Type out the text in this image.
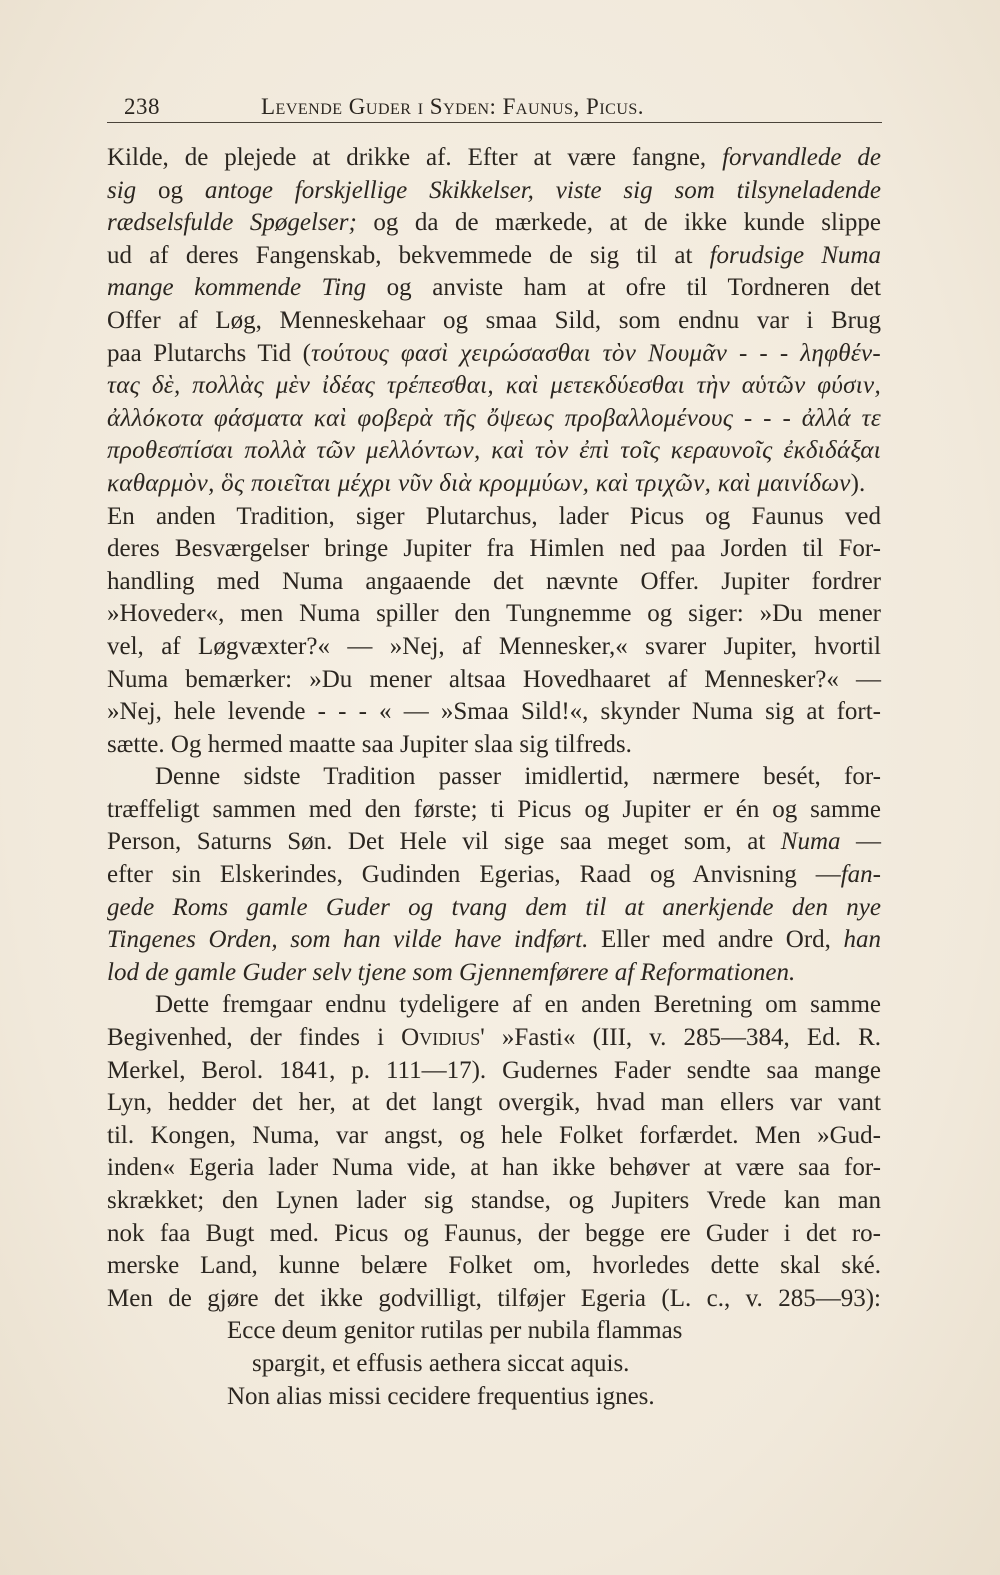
238	Levende Guder i Syden: Faunus, Picus.
Kilde, de plejede at drikke af. Efter at være fangne, forvandlede de
sig og antoge forskjellige Skikkelser, viste sig som tilsyneladende
rædselsfulde Spøgelser; og da de mærkede, at de ikke kunde slippe
ud af deres Fangenskab, bekvemmede de sig til at forudsige Numa
mange kommende Ting og anviste ham at ofre til Tordneren det
Offer af Løg, Menneskehaar og smaa Sild, som endnu var i Brug
paa Plutarchs Tid (τούτους φασὶ χειρώσασθαι τὸν Νουμᾶν - - - ληφθέν-
τας δὲ, πολλὰς μὲν ἰδέας τρέπεσθαι, καὶ μετεκδύεσθαι τὴν αὑτῶν φύσιν,
ἀλλόκοτα φάσματα καὶ φοβερὰ τῆς ὄψεως προβαλλομένους - - - ἀλλά τε
προθεσπίσαι πολλὰ τῶν μελλόντων, καὶ τὸν ἐπὶ τοῖς κεραυνοῖς ἐκδιδάξαι
καθαρμὸν, ὃς ποιεῖται μέχρι νῦν διὰ κρομμύων, καὶ τριχῶν, καὶ μαινίδων).
En anden Tradition, siger Plutarchus, lader Picus og Faunus ved
deres Besværgelser bringe Jupiter fra Himlen ned paa Jorden til For-
handling med Numa angaaende det nævnte Offer. Jupiter fordrer
»Hoveder«, men Numa spiller den Tungnemme og siger: »Du mener
vel, af Løgvæxter?« — »Nej, af Mennesker,« svarer Jupiter, hvortil
Numa bemærker: »Du mener altsaa Hovedhaaret af Mennesker?« —
»Nej, hele levende - - - « — »Smaa Sild!«, skynder Numa sig at fort-
sætte. Og hermed maatte saa Jupiter slaa sig tilfreds.
Denne sidste Tradition passer imidlertid, nærmere besét, for-
træffeligt sammen med den første; ti Picus og Jupiter er én og samme
Person, Saturns Søn. Det Hele vil sige saa meget som, at Numa —
efter sin Elskerindes, Gudinden Egerias, Raad og Anvisning —fan-
gede Roms gamle Guder og tvang dem til at anerkjende den nye
Tingenes Orden, som han vilde have indført. Eller med andre Ord, han
lod de gamle Guder selv tjene som Gjennemførere af Reformationen.
Dette fremgaar endnu tydeligere af en anden Beretning om samme
Begivenhed, der findes i Ovidius' »Fasti« (III, v. 285—384, Ed. R.
Merkel, Berol. 1841, p. 111—17). Gudernes Fader sendte saa mange
Lyn, hedder det her, at det langt overgik, hvad man ellers var vant
til. Kongen, Numa, var angst, og hele Folket forfærdet. Men »Gud-
inden« Egeria lader Numa vide, at han ikke behøver at være saa for-
skrækket; den Lynen lader sig standse, og Jupiters Vrede kan man
nok faa Bugt med. Picus og Faunus, der begge ere Guder i det ro-
merske Land, kunne belære Folket om, hvorledes dette skal ské.
Men de gjøre det ikke godvilligt, tilføjer Egeria (L. c., v. 285—93):
Ecce deum genitor rutilas per nubila flammas
spargit, et effusis aethera siccat aquis.
Non alias missi cecidere frequentius ignes.
